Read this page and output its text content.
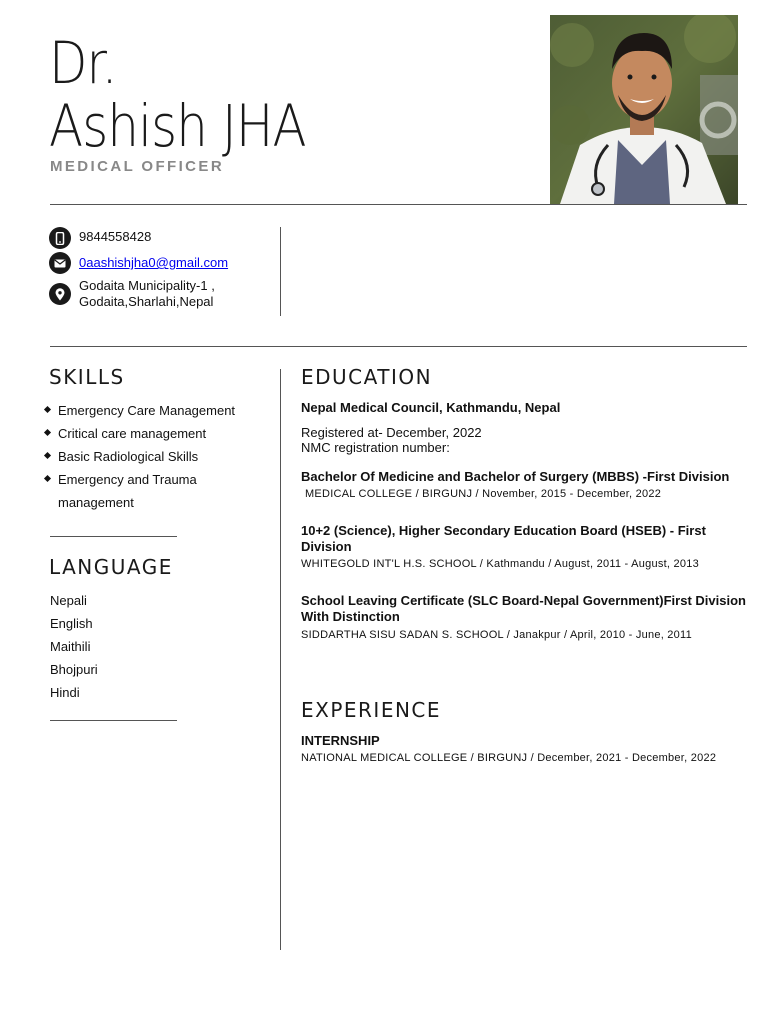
Dr.
Ashish JHA
MEDICAL OFFICER
9844558428
0aashishjha0@gmail.com
Godaita Municipality-1 ,
Godaita,Sharlahi,Nepal
SKILLS
Emergency Care Management
Critical care management
Basic Radiological Skills
Emergency and Trauma management
LANGUAGE
Nepali
English
Maithili
Bhojpuri
Hindi
EDUCATION
Nepal Medical Council, Kathmandu, Nepal
Registered at- December, 2022
NMC registration number:
Bachelor Of Medicine and Bachelor of Surgery (MBBS) -First Division
MEDICAL COLLEGE / BIRGUNJ / November, 2015 - December, 2022
10+2 (Science), Higher Secondary Education Board (HSEB) - First Division
WHITEGOLD INT'L H.S. SCHOOL / Kathmandu / August, 2011 - August, 2013
School Leaving Certificate (SLC Board-Nepal Government)First Division With Distinction
SIDDARTHA SISU SADAN S. SCHOOL / Janakpur / April, 2010 - June, 2011
EXPERIENCE
INTERNSHIP
NATIONAL MEDICAL COLLEGE / BIRGUNJ / December, 2021 - December, 2022
